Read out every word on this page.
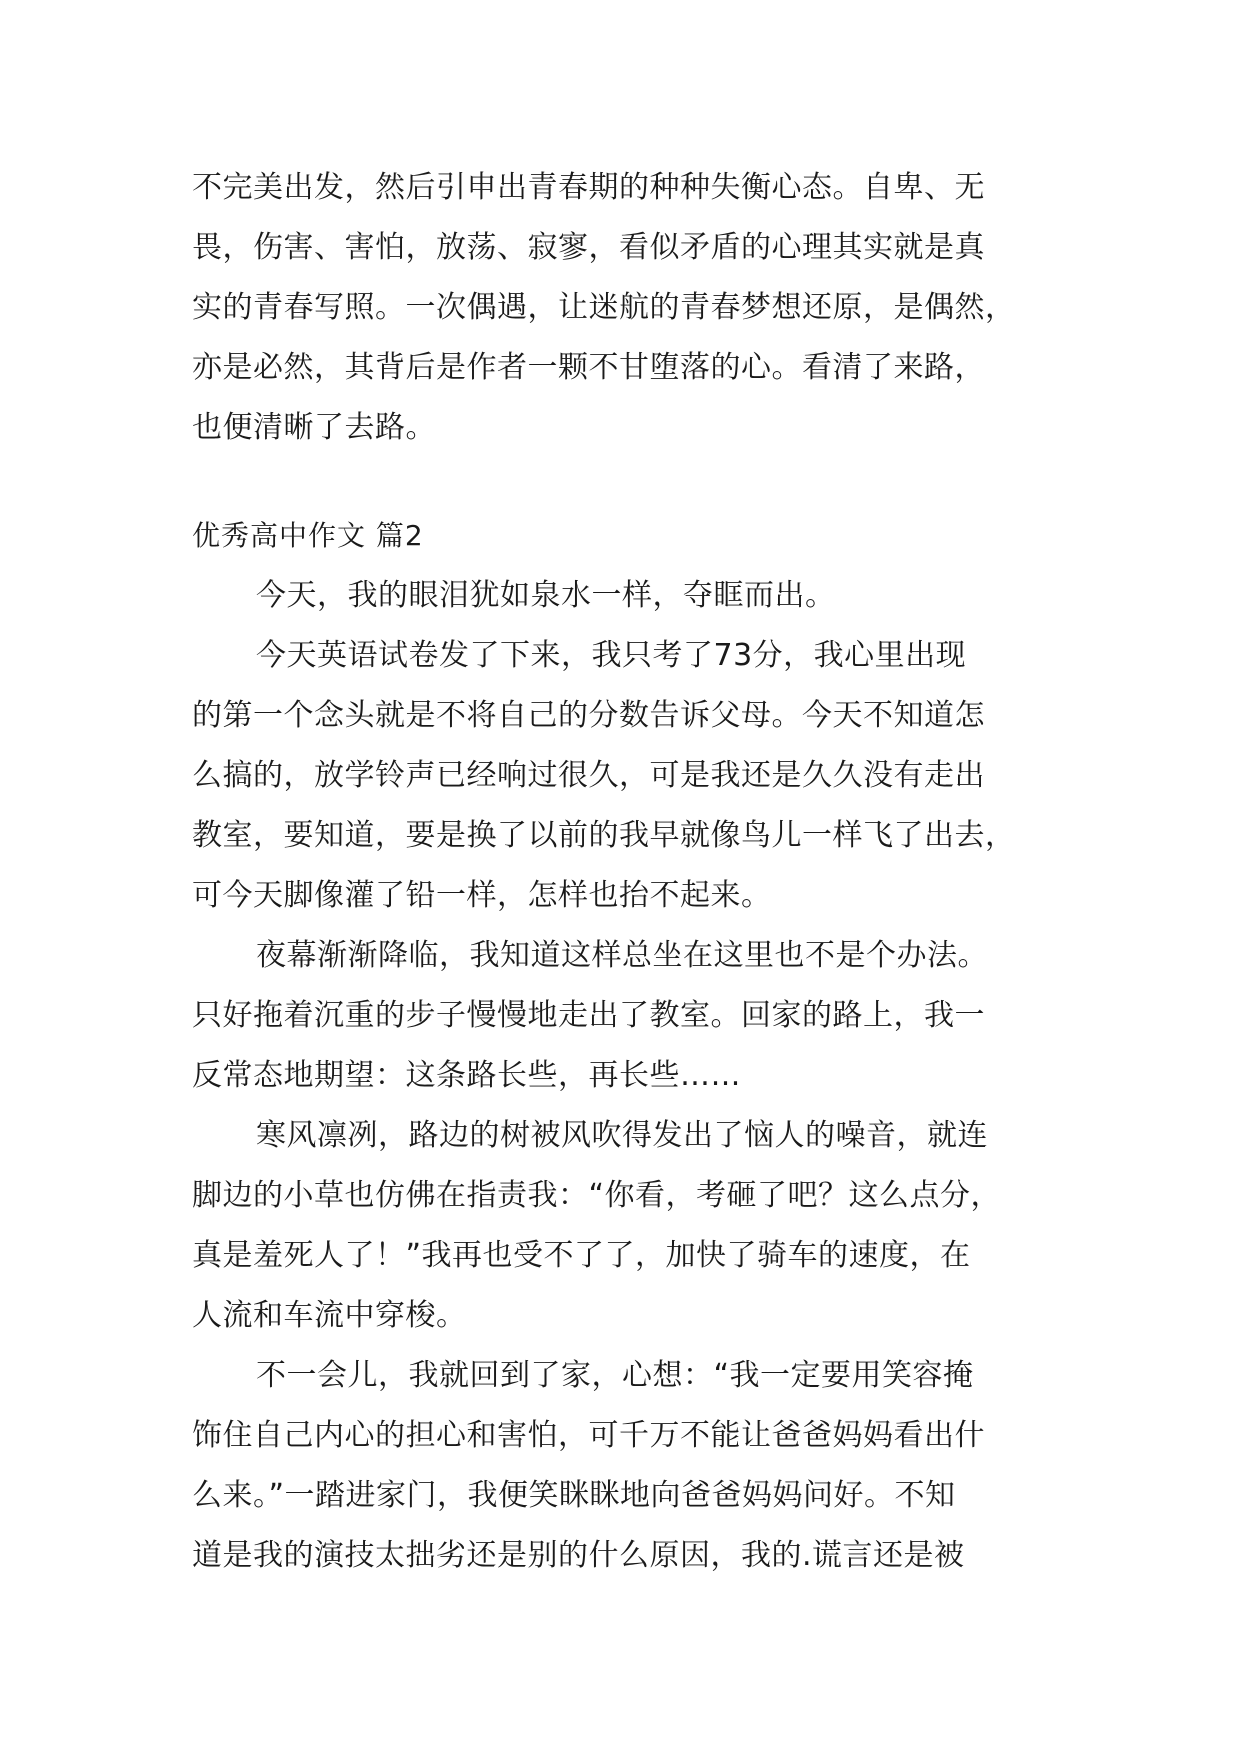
不完美出发，然后引申出青春期的种种失衡心态。自卑、无
畏，伤害、害怕，放荡、寂寥，看似矛盾的心理其实就是真
实的青春写照。一次偶遇，让迷航的青春梦想还原，是偶然，
亦是必然，其背后是作者一颗不甘堕落的心。看清了来路，
也便清晰了去路。
优秀高中作文 篇2
今天，我的眼泪犹如泉水一样，夺眶而出。
今天英语试卷发了下来，我只考了73分，我心里出现
的第一个念头就是不将自己的分数告诉父母。今天不知道怎
么搞的，放学铃声已经响过很久，可是我还是久久没有走出
教室，要知道，要是换了以前的我早就像鸟儿一样飞了出去，
可今天脚像灌了铅一样，怎样也抬不起来。
夜幕渐渐降临，我知道这样总坐在这里也不是个办法。
只好拖着沉重的步子慢慢地走出了教室。回家的路上，我一
反常态地期望：这条路长些，再长些……
寒风凛冽，路边的树被风吹得发出了恼人的噪音，就连
脚边的小草也仿佛在指责我：“你看，考砸了吧？这么点分，
真是羞死人了！”我再也受不了了，加快了骑车的速度，在
人流和车流中穿梭。
不一会儿，我就回到了家，心想：“我一定要用笑容掩
饰住自己内心的担心和害怕，可千万不能让爸爸妈妈看出什
么来。”一踏进家门，我便笑眯眯地向爸爸妈妈问好。不知
道是我的演技太拙劣还是别的什么原因，我的.谎言还是被
